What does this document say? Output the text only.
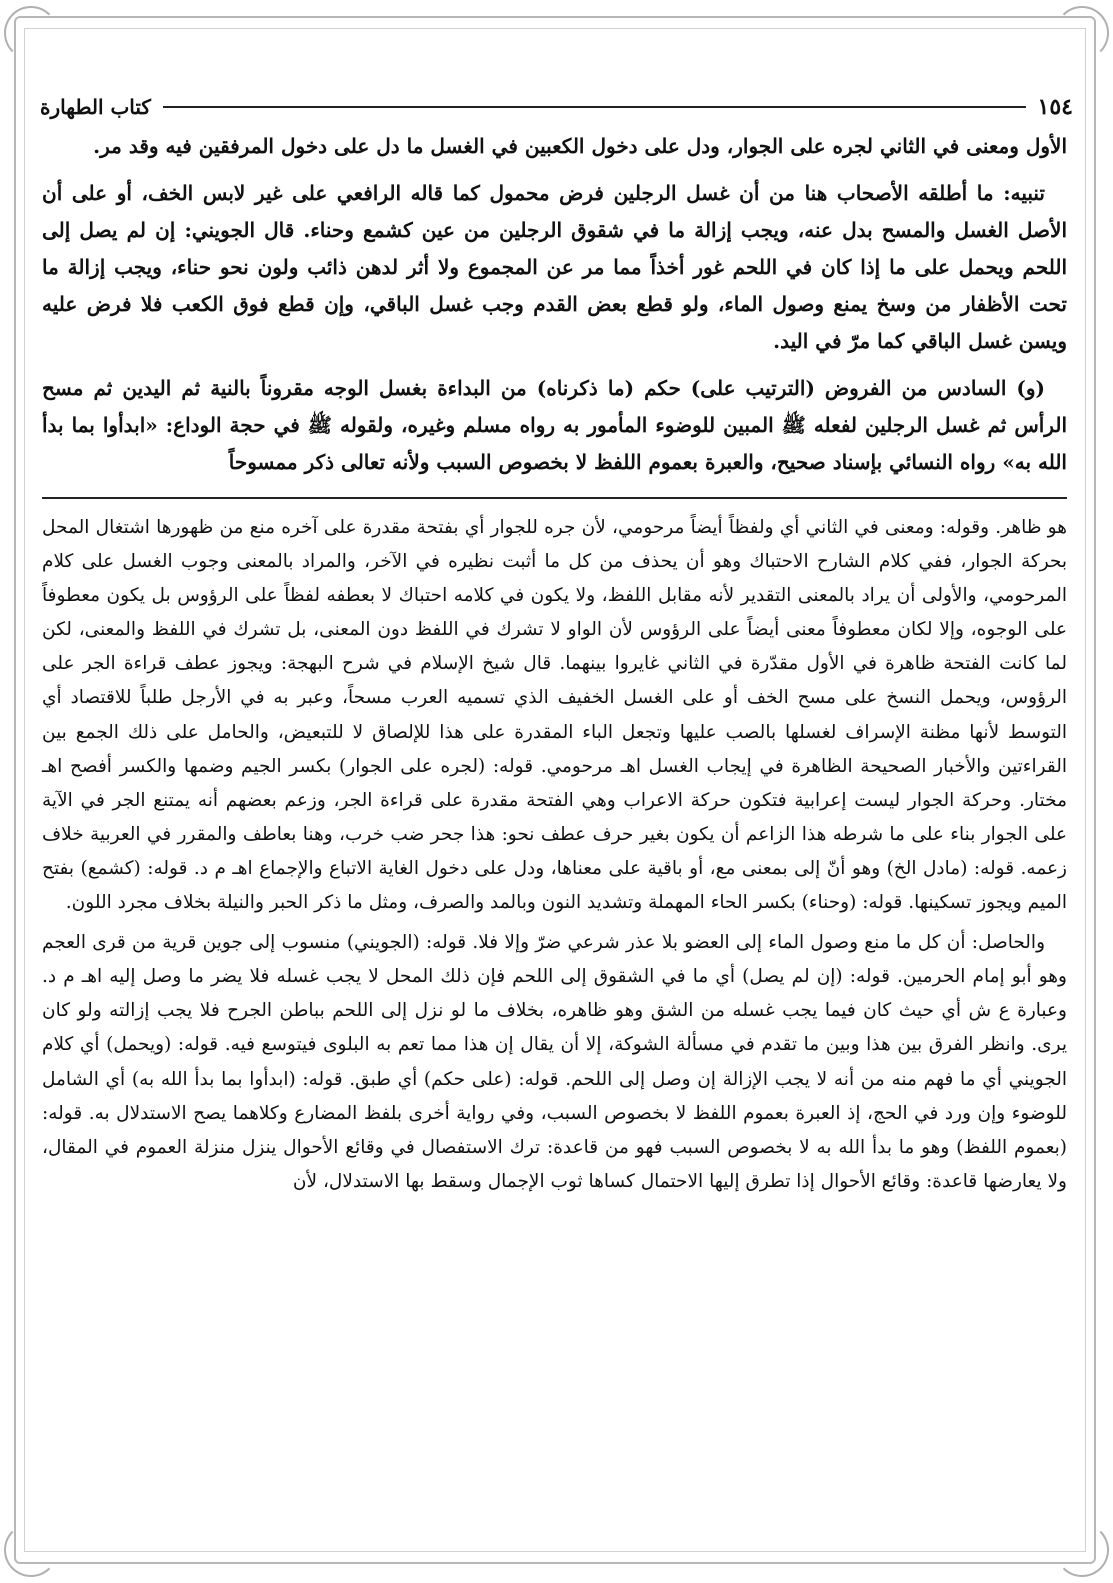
١٥٤
كتاب الطهارة

الأول ومعنى في الثاني لجره على الجوار، ودل على دخول الكعبين في الغسل ما دل على دخول المرفقين فيه وقد مر.

تنبيه: ما أطلقه الأصحاب هنا من أن غسل الرجلين فرض محمول كما قاله الرافعي على غير لابس الخف، أو على أن الأصل الغسل والمسح بدل عنه، ويجب إزالة ما في شقوق الرجلين من عين كشمع وحناء. قال الجويني: إن لم يصل إلى اللحم ويحمل على ما إذا كان في اللحم غور أخذاً مما مر عن المجموع ولا أثر لدهن ذائب ولون نحو حناء، ويجب إزالة ما تحت الأظفار من وسخ يمنع وصول الماء، ولو قطع بعض القدم وجب غسل الباقي، وإن قطع فوق الكعب فلا فرض عليه ويسن غسل الباقي كما مرّ في اليد.

(و) السادس من الفروض (الترتيب على) حكم (ما ذكرناه) من البداءة بغسل الوجه مقروناً بالنية ثم اليدين ثم مسح الرأس ثم غسل الرجلين لفعله ﷺ المبين للوضوء المأمور به رواه مسلم وغيره، ولقوله ﷺ في حجة الوداع: «ابدأوا بما بدأ الله به» رواه النسائي بإسناد صحيح، والعبرة بعموم اللفظ لا بخصوص السبب ولأنه تعالى ذكر ممسوحاً

هو ظاهر. وقوله: ومعنى في الثاني أي ولفظاً أيضاً مرحومي، لأن جره للجوار أي بفتحة مقدرة على آخره منع من ظهورها اشتغال المحل بحركة الجوار، ففي كلام الشارح الاحتباك وهو أن يحذف من كل ما أثبت نظيره في الآخر، والمراد بالمعنى وجوب الغسل على كلام المرحومي، والأولى أن يراد بالمعنى التقدير لأنه مقابل اللفظ، ولا يكون في كلامه احتباك لا بعطفه لفظاً على الرؤوس بل يكون معطوفاً على الوجوه، وإلا لكان معطوفاً معنى أيضاً على الرؤوس لأن الواو لا تشرك في اللفظ دون المعنى، بل تشرك في اللفظ والمعنى، لكن لما كانت الفتحة ظاهرة في الأول مقدّرة في الثاني غايروا بينهما. قال شيخ الإسلام في شرح البهجة: ويجوز عطف قراءة الجر على الرؤوس، ويحمل النسخ على مسح الخف أو على الغسل الخفيف الذي تسميه العرب مسحاً، وعبر به في الأرجل طلباً للاقتصاد أي التوسط لأنها مظنة الإسراف لغسلها بالصب عليها وتجعل الباء المقدرة على هذا للإلصاق لا للتبعيض، والحامل على ذلك الجمع بين القراءتين والأخبار الصحيحة الظاهرة في إيجاب الغسل اهـ مرحومي. قوله: (لجره على الجوار) بكسر الجيم وضمها والكسر أفصح اهـ مختار. وحركة الجوار ليست إعرابية فتكون حركة الاعراب وهي الفتحة مقدرة على قراءة الجر، وزعم بعضهم أنه يمتنع الجر في الآية على الجوار بناء على ما شرطه هذا الزاعم أن يكون بغير حرف عطف نحو: هذا جحر ضب خرب، وهنا بعاطف والمقرر في العربية خلاف زعمه. قوله: (مادل الخ) وهو أنّ إلى بمعنى مع، أو باقية على معناها، ودل على دخول الغاية الاتباع والإجماع اهـ م د. قوله: (كشمع) بفتح الميم ويجوز تسكينها. قوله: (وحناء) بكسر الحاء المهملة وتشديد النون وبالمد والصرف، ومثل ما ذكر الحبر والنيلة بخلاف مجرد اللون.

والحاصل: أن كل ما منع وصول الماء إلى العضو بلا عذر شرعي ضرّ وإلا فلا. قوله: (الجويني) منسوب إلى جوين قرية من قرى العجم وهو أبو إمام الحرمين. قوله: (إن لم يصل) أي ما في الشقوق إلى اللحم فإن ذلك المحل لا يجب غسله فلا يضر ما وصل إليه اهـ م د. وعبارة ع ش أي حيث كان فيما يجب غسله من الشق وهو ظاهره، بخلاف ما لو نزل إلى اللحم بباطن الجرح فلا يجب إزالته ولو كان يرى. وانظر الفرق بين هذا وبين ما تقدم في مسألة الشوكة، إلا أن يقال إن هذا مما تعم به البلوى فيتوسع فيه. قوله: (ويحمل) أي كلام الجويني أي ما فهم منه من أنه لا يجب الإزالة إن وصل إلى اللحم. قوله: (على حكم) أي طبق. قوله: (ابدأوا بما بدأ الله به) أي الشامل للوضوء وإن ورد في الحج، إذ العبرة بعموم اللفظ لا بخصوص السبب، وفي رواية أخرى بلفظ المضارع وكلاهما يصح الاستدلال به. قوله: (بعموم اللفظ) وهو ما بدأ الله به لا بخصوص السبب فهو من قاعدة: ترك الاستفصال في وقائع الأحوال ينزل منزلة العموم في المقال، ولا يعارضها قاعدة: وقائع الأحوال إذا تطرق إليها الاحتمال كساها ثوب الإجمال وسقط بها الاستدلال، لأن
